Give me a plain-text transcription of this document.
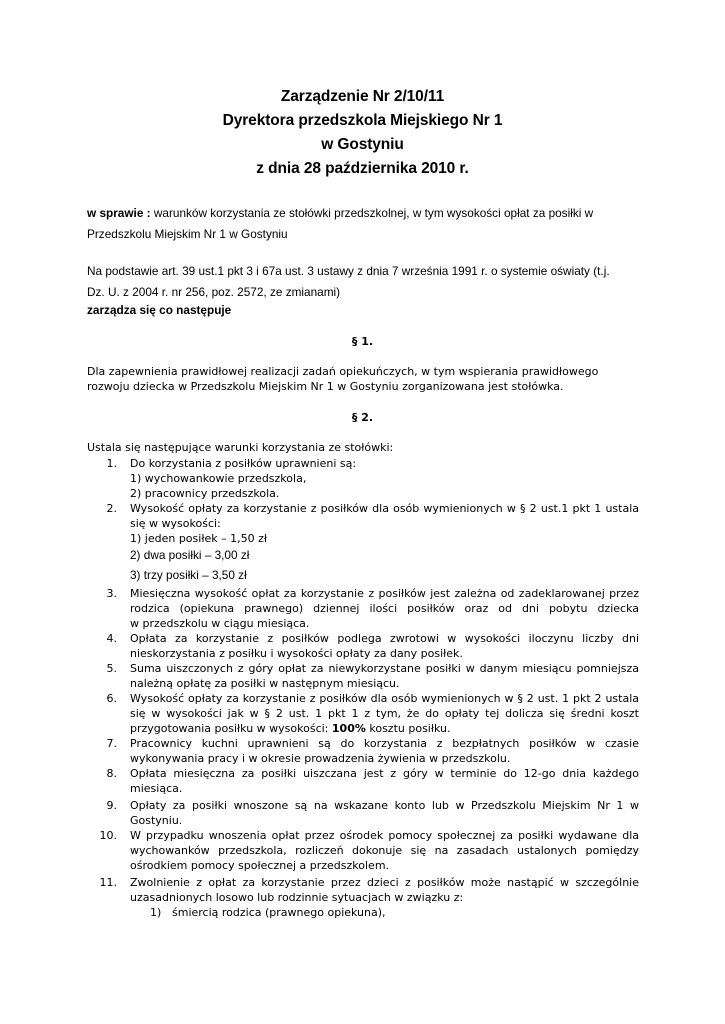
Zarządzenie Nr 2/10/11
Dyrektora przedszkola Miejskiego Nr 1
w Gostyniu
z dnia 28 października 2010 r.
w sprawie : warunków korzystania ze stołówki przedszkolnej, w tym wysokości opłat za posiłki w
Przedszkolu Miejskim Nr 1 w Gostyniu
Na podstawie art. 39 ust.1 pkt 3 i 67a ust. 3 ustawy z dnia 7 września 1991 r. o systemie oświaty (t.j.
Dz. U. z 2004 r. nr 256, poz. 2572, ze zmianami)
zarządza się co następuje
§ 1.
Dla zapewnienia prawidłowej realizacji zadań opiekuńczych, w tym wspierania prawidłowego
rozwoju dziecka w Przedszkolu Miejskim Nr 1 w Gostyniu zorganizowana jest stołówka.
§ 2.
Ustala się następujące warunki korzystania ze stołówki:
1. Do korzystania z posiłków uprawnieni są:
1) wychowankowie przedszkola,
2) pracownicy przedszkola.
2. Wysokość opłaty za korzystanie z posiłków dla osób wymienionych w § 2 ust.1 pkt 1 ustala
się w wysokości:
1) jeden posiłek – 1,50 zł
2) dwa posiłki – 3,00 zł
3) trzy posiłki – 3,50 zł
3. Miesięczna wysokość opłat za korzystanie z posiłków jest zależna od zadeklarowanej przez
rodzica (opiekuna prawnego) dziennej ilości posiłków oraz od dni pobytu dziecka
w przedszkolu w ciągu miesiąca.
4. Opłata za korzystanie z posiłków podlega zwrotowi w wysokości iloczynu liczby dni
nieskorzystania z posiłku i wysokości opłaty za dany posiłek.
5. Suma uiszczonych z góry opłat za niewykorzystane posiłki w danym miesiącu pomniejsza
należną opłatę za posiłki w następnym miesiącu.
6. Wysokość opłaty za korzystanie z posiłków dla osób wymienionych w § 2 ust. 1 pkt 2 ustala
się w wysokości jak w § 2 ust. 1 pkt 1 z tym, że do opłaty tej dolicza się średni koszt
przygotowania posiłku w wysokości: 100% kosztu posiłku.
7. Pracownicy kuchni uprawnieni są do korzystania z bezpłatnych posiłków w czasie
wykonywania pracy i w okresie prowadzenia żywienia w przedszkolu.
8. Opłata miesięczna za posiłki uiszczana jest z góry w terminie do 12-go dnia każdego
miesiąca.
9. Opłaty za posiłki wnoszone są na wskazane konto lub w Przedszkolu Miejskim Nr 1 w
Gostyniu.
10. W przypadku wnoszenia opłat przez ośrodek pomocy społecznej za posiłki wydawane dla
wychowanków przedszkola, rozliczeń dokonuje się na zasadach ustalonych pomiędzy
ośrodkiem pomocy społecznej a przedszkolem.
11. Zwolnienie z opłat za korzystanie przez dzieci z posiłków może nastąpić w szczególnie
uzasadnionych losowo lub rodzinnie sytuacjach w związku z:
1) śmiercią rodzica (prawnego opiekuna),
